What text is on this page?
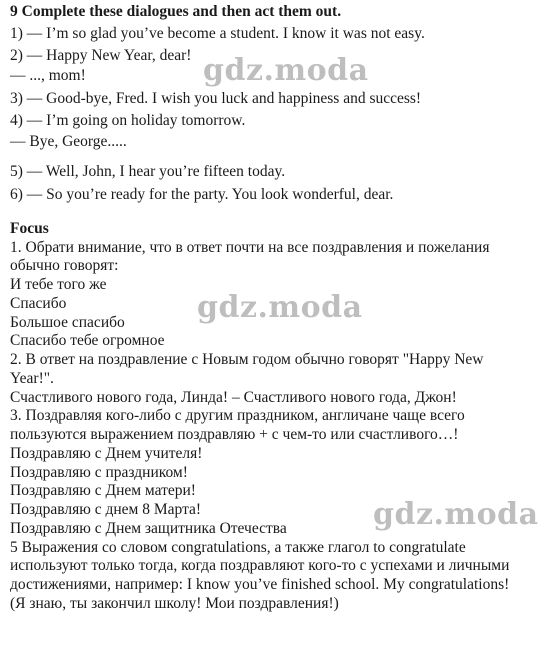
9 Complete these dialogues and then act them out.
1) — I’m so glad you’ve become a student. I know it was not easy.
2) — Happy New Year, dear!
— ..., mom!
3) — Good-bye, Fred. I wish you luck and happiness and success!
4) — I’m going on holiday tomorrow.
— Bye, George.....
5) — Well, John, I hear you’re fifteen today.
6) — So you’re ready for the party. You look wonderful, dear.
Focus
1. Обрати внимание, что в ответ почти на все поздравления и пожелания
обычно говорят:
И тебе того же
Спасибо
Большое спасибо
Спасибо тебе огромное
2. В ответ на поздравление с Новым годом обычно говорят "Happy New
Year!".
Счастливого нового года, Линда! – Счастливого нового года, Джон!
3. Поздравляя кого-либо с другим праздником, англичане чаще всего
пользуются выражением поздравляю + с чем-то или счастливого…!
Поздравляю с Днем учителя!
Поздравляю с праздником!
Поздравляю с Днем матери!
Поздравляю с днем 8 Марта!
Поздравляю с Днем защитника Отечества
5 Выражения со словом congratulations, а также глагол to congratulate
используют только тогда, когда поздравляют кого-то с успехами и личными
достижениями, например: I know you’ve finished school. My congratulations!
(Я знаю, ты закончил школу! Мои поздравления!)
gdz.moda
gdz.moda
gdz.moda
